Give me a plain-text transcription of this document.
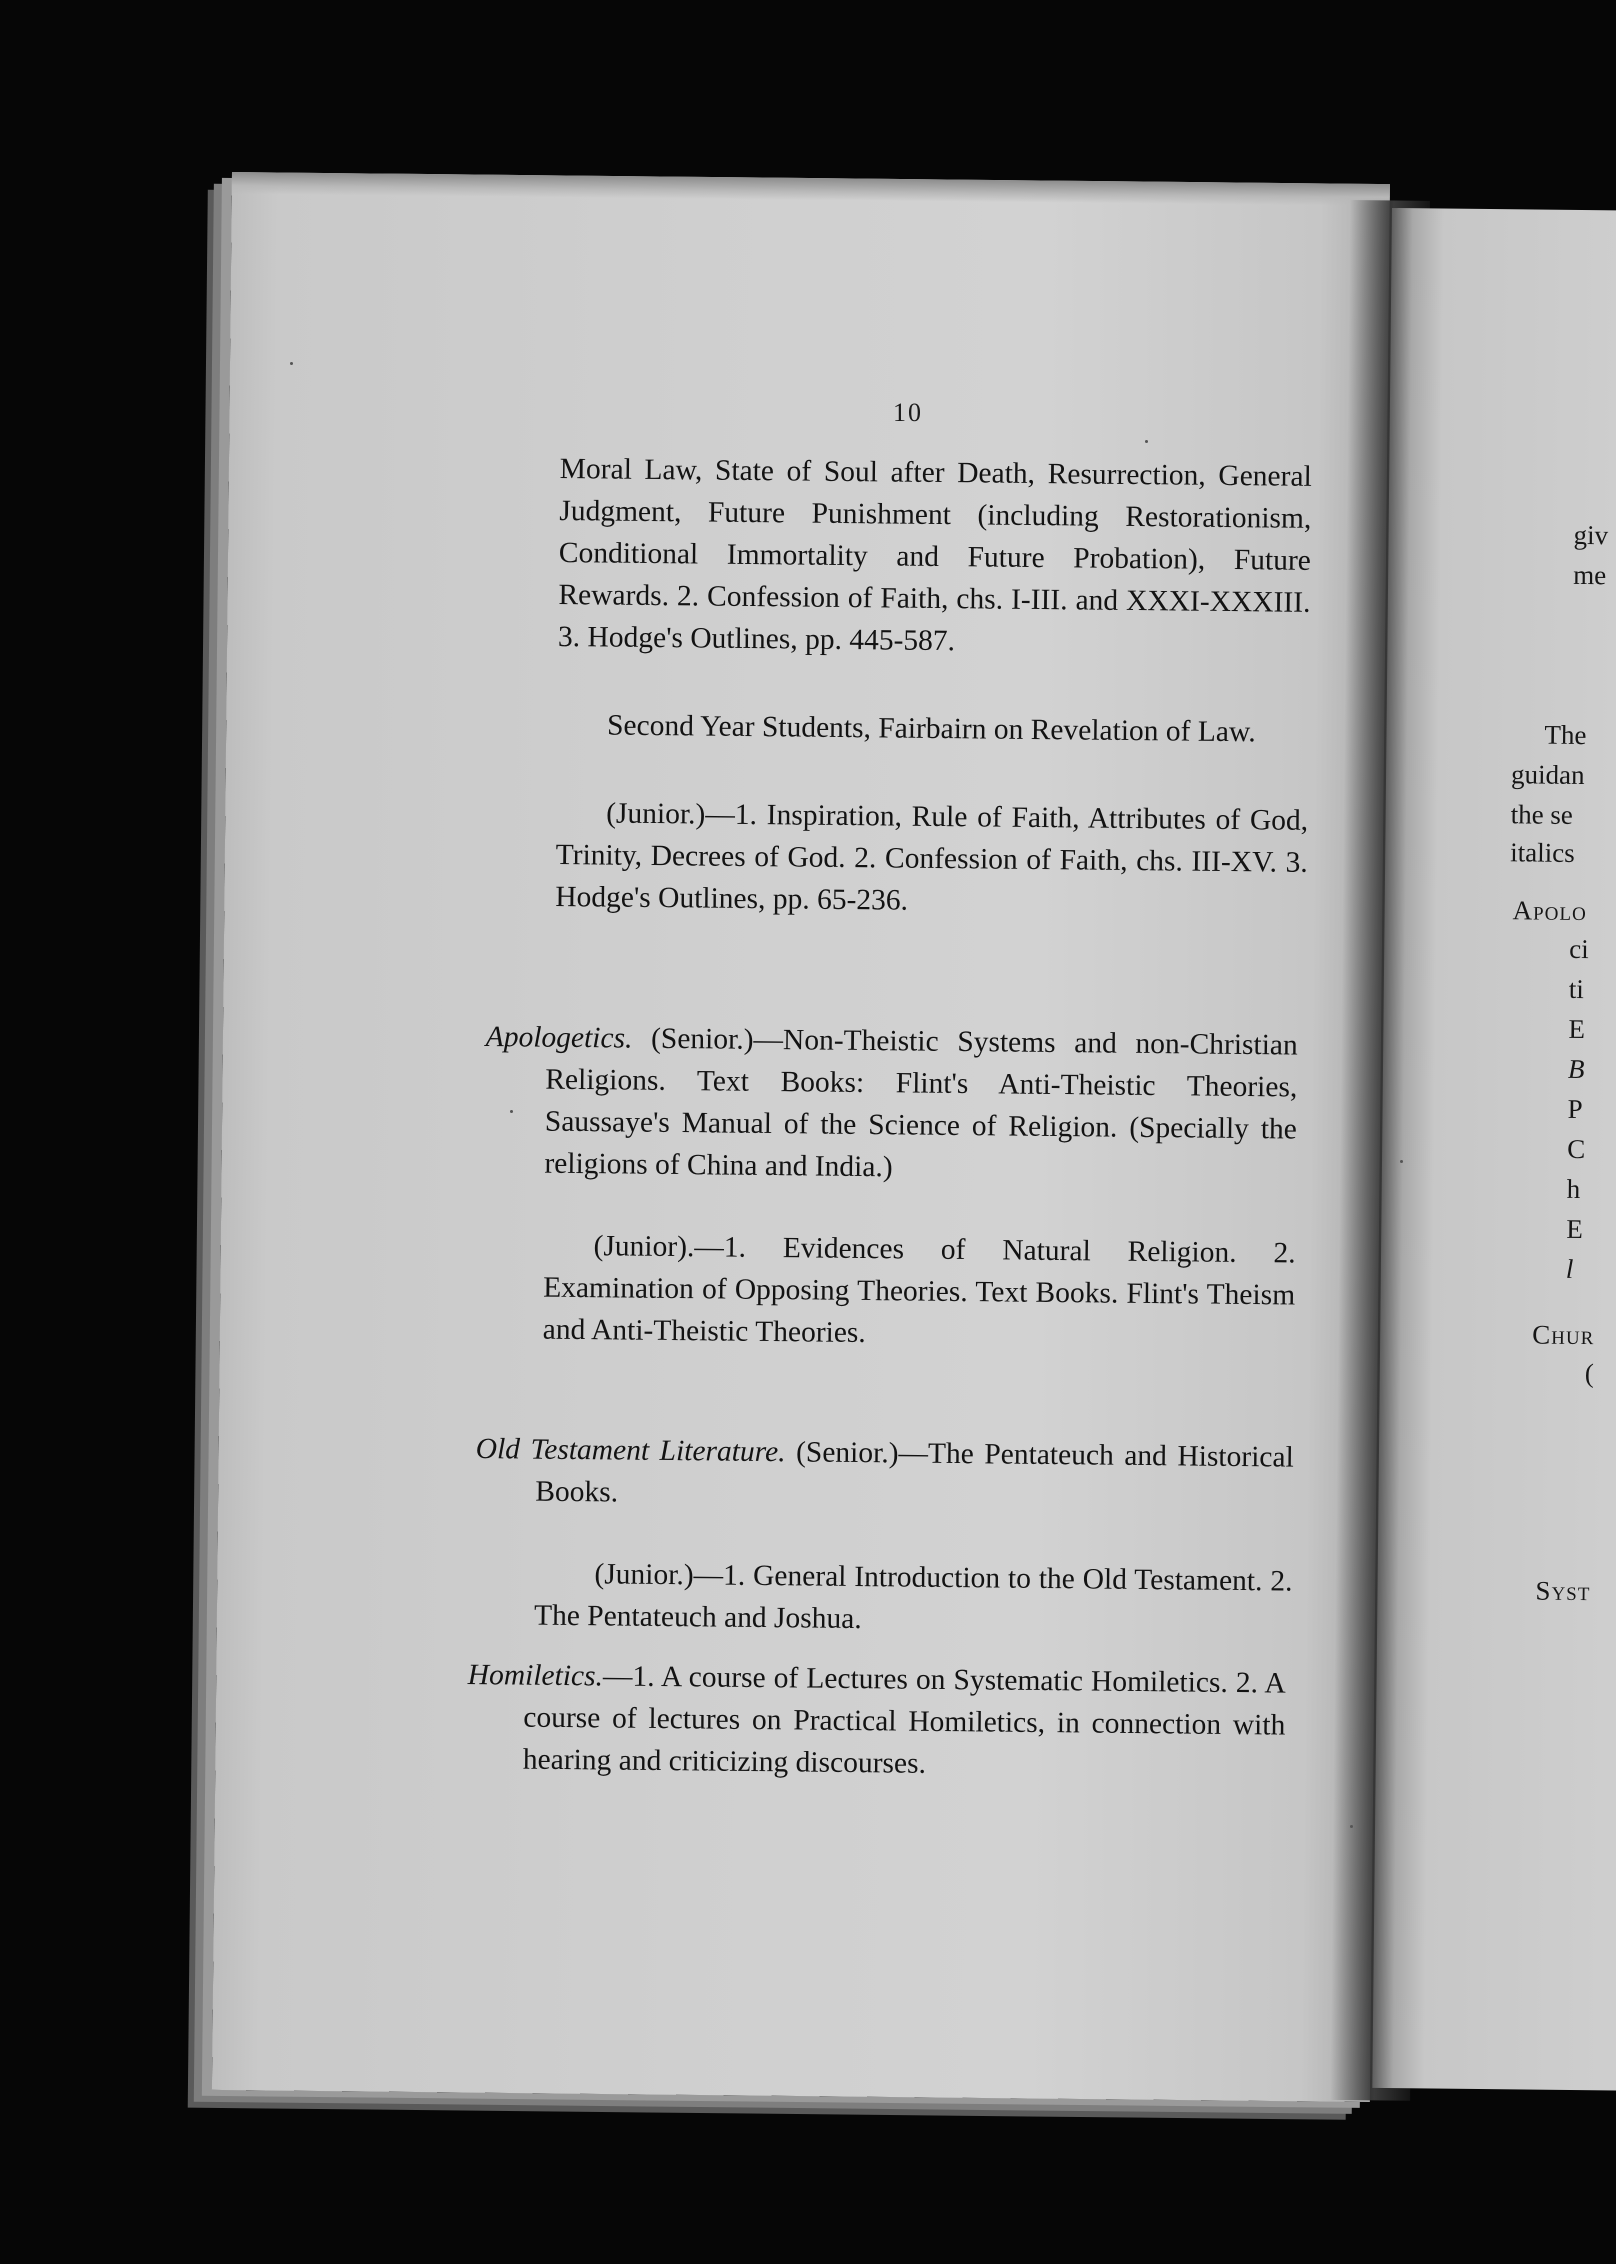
giv
me
The
guidan
the se
italics
Apolo
ci
ti
E
B
P
C
h
E
l
Chur
(
Syst
10

Moral Law, State of Soul after Death, Resurrection, General Judgment, Future Punishment (including Restorationism, Conditional Immortality and Future Probation), Future Rewards. 2. Confession of Faith, chs. I-III. and XXXI-XXXIII. 3. Hodge's Outlines, pp. 445-587.

Second Year Students, Fairbairn on Revelation of Law.

(Junior.)—1. Inspiration, Rule of Faith, Attributes of God, Trinity, Decrees of God. 2. Confession of Faith, chs. III-XV. 3. Hodge's Outlines, pp. 65-236.

Apologetics. (Senior.)—Non-Theistic Systems and non-Christian Religions. Text Books: Flint's Anti-Theistic Theories, Saussaye's Manual of the Science of Religion. (Specially the religions of China and India.)

(Junior).—1. Evidences of Natural Religion. 2. Examination of Opposing Theories. Text Books. Flint's Theism and Anti-Theistic Theories.

Old Testament Literature. (Senior.)—The Pentateuch and Historical Books.

(Junior.)—1. General Introduction to the Old Testament. 2. The Pentateuch and Joshua.

Homiletics.—1. A course of Lectures on Systematic Homiletics. 2. A course of lectures on Practical Homiletics, in connection with hearing and criticizing discourses.
